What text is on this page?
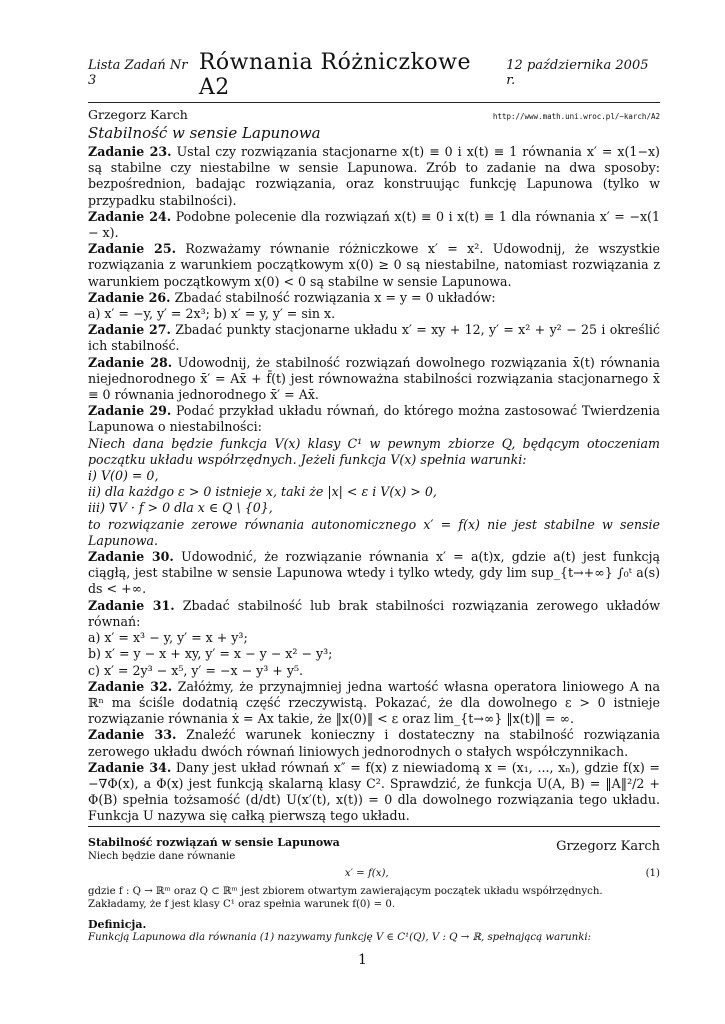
Lista Zadań Nr 3
Równania Różniczkowe A2
12 października 2005 r.
Grzegorz Karch	http://www.math.uni.wroc.pl/~karch/A2
Stabilność w sensie Lapunowa
Zadanie 23. Ustal czy rozwiązania stacjonarne x(t) ≡ 0 i x(t) ≡ 1 równania x′ = x(1−x) są stabilne czy niestabilne w sensie Lapunowa. Zrób to zadanie na dwa sposoby: bezpośrednion, badając rozwiązania, oraz konstruując funkcję Lapunowa (tylko w przypadku stabilności).
Zadanie 24. Podobne polecenie dla rozwiązań x(t) ≡ 0 i x(t) ≡ 1 dla równania x′ = −x(1 − x).
Zadanie 25. Rozważamy równanie różniczkowe x′ = x². Udowodnij, że wszystkie rozwiązania z warunkiem początkowym x(0) ≥ 0 są niestabilne, natomiast rozwiązania z warunkiem początkowym x(0) < 0 są stabilne w sensie Lapunowa.
Zadanie 26. Zbadać stabilność rozwiązania x = y = 0 układów:
a) x′ = −y, y′ = 2x³; b) x′ = y, y′ = sin x.
Zadanie 27. Zbadać punkty stacjonarne układu x′ = xy + 12, y′ = x² + y² − 25 i określić ich stabilność.
Zadanie 28. Udowodnij, że stabilność rozwiązań dowolnego rozwiązania x̄(t) równania niejednorodnego x̄′ = Ax̄ + f̄(t) jest równoważna stabilności rozwiązania stacjonarnego x̄ ≡ 0 równania jednorodnego x̄′ = Ax̄.
Zadanie 29. Podać przykład układu równań, do którego można zastosować Twierdzenia Lapunowa o niestabilności:
Niech dana będzie funkcja V(x) klasy C¹ w pewnym zbiorze Q, będącym otoczeniam początku układu współrzędnych. Jeżeli funkcja V(x) spełnia warunki:
i) V(0) = 0,
ii) dla każdgo ε > 0 istnieje x, taki że |x| < ε i V(x) > 0,
iii) ∇V · f > 0 dla x ∈ Q \ {0},
to rozwiązanie zerowe równania autonomicznego x′ = f(x) nie jest stabilne w sensie Lapunowa.
Zadanie 30. Udowodnić, że rozwiązanie równania x′ = a(t)x, gdzie a(t) jest funkcją ciągłą, jest stabilne w sensie Lapunowa wtedy i tylko wtedy, gdy lim sup_{t→+∞} ∫₀ᵗ a(s) ds < +∞.
Zadanie 31. Zbadać stabilność lub brak stabilności rozwiązania zerowego układów równań:
a) x′ = x³ − y, y′ = x + y³;
b) x′ = y − x + xy, y′ = x − y − x² − y³;
c) x′ = 2y³ − x⁵, y′ = −x − y³ + y⁵.
Zadanie 32. Załóżmy, że przynajmniej jedna wartość własna operatora liniowego A na ℝⁿ ma ściśle dodatnią część rzeczywistą. Pokazać, że dla dowolnego ε > 0 istnieje rozwiązanie równania ẋ = Ax takie, że ‖x(0)‖ < ε oraz lim_{t→∞} ‖x(t)‖ = ∞.
Zadanie 33. Znaleźć warunek konieczny i dostateczny na stabilność rozwiązania zerowego układu dwóch równań liniowych jednorodnych o stałych współczynnikach.
Zadanie 34. Dany jest układ równań x″ = f(x) z niewiadomą x = (x₁, ..., xₙ), gdzie f(x) = −∇Φ(x), a Φ(x) jest funkcją skalarną klasy C². Sprawdzić, że funkcja U(A, B) = ‖A‖²/2 + Φ(B) spełnia tożsamość (d/dt) U(x′(t), x(t)) = 0 dla dowolnego rozwiązania tego układu. Funkcja U nazywa się całką pierwszą tego układu.
Grzegorz Karch
Stabilność rozwiązań w sensie Lapunowa
Niech będzie dane równanie
x′ = f(x),	(1)
gdzie f : Q → ℝᵐ oraz Q ⊂ ℝᵐ jest zbiorem otwartym zawierającym początek układu współrzędnych.
Zakładamy, że f jest klasy C¹ oraz spełnia warunek f(0) = 0.
Definicja.
Funkcją Lapunowa dla równania (1) nazywamy funkcję V ∈ C¹(Q), V : Q → ℝ, spełnającą warunki:
1
